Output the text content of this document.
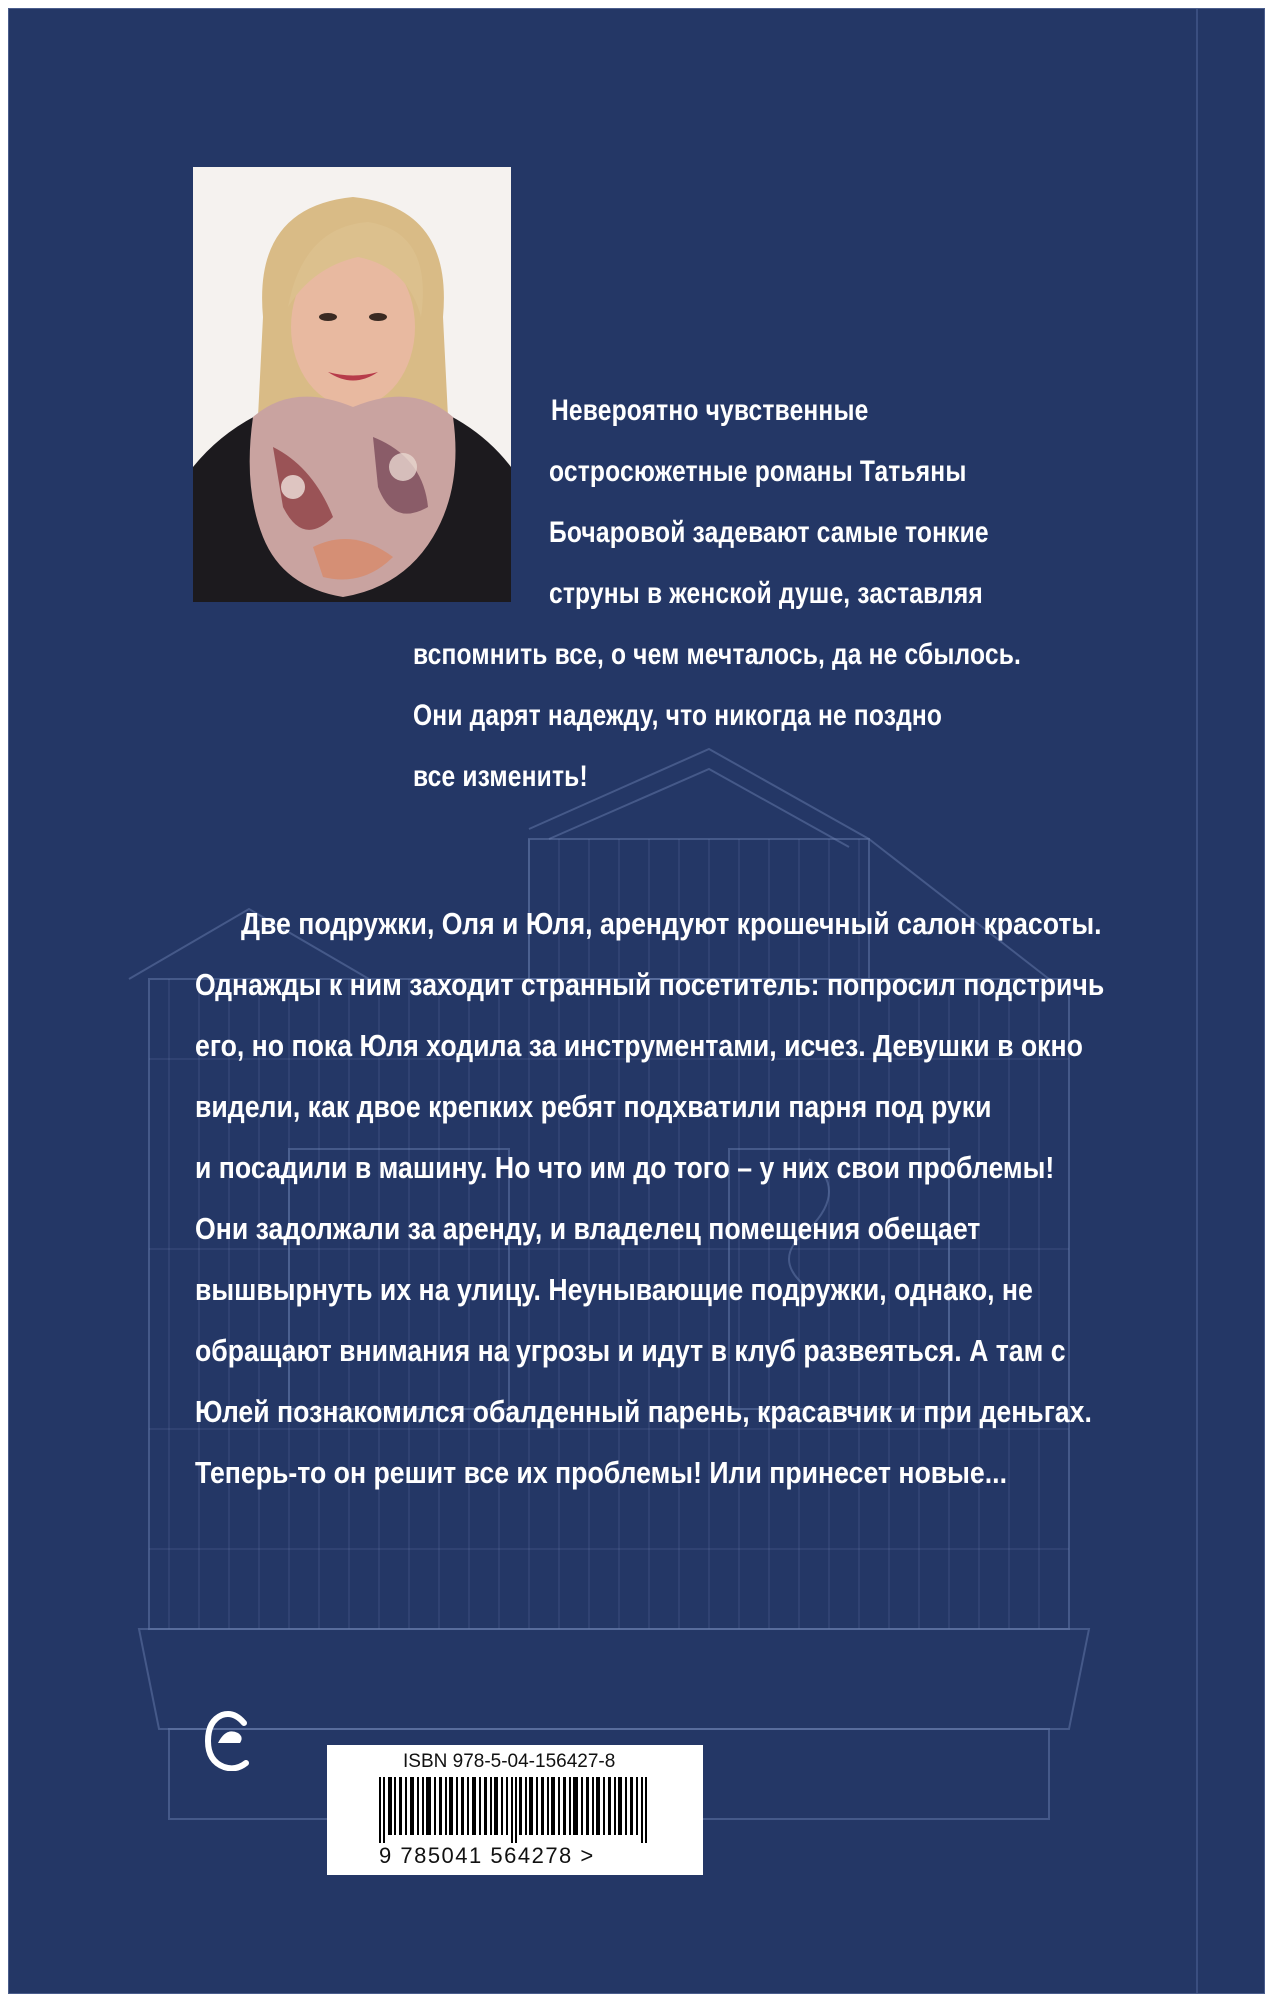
Невероятно чувственные
остросюжетные романы Татьяны
Бочаровой задевают самые тонкие
струны в женской душе, заставляя
вспомнить все, о чем мечталось, да не сбылось.
Они дарят надежду, что никогда не поздно
все изменить!
Две подружки, Оля и Юля, арендуют крошечный салон красоты.
Однажды к ним заходит странный посетитель: попросил подстричь
его, но пока Юля ходила за инструментами, исчез. Девушки в окно
видели, как двое крепких ребят подхватили парня под руки
и посадили в машину. Но что им до того – у них свои проблемы!
Они задолжали за аренду, и владелец помещения обещает
вышвырнуть их на улицу. Неунывающие подружки, однако, не
обращают внимания на угрозы и идут в клуб развеяться. А там с
Юлей познакомился обалденный парень, красавчик и при деньгах.
Теперь-то он решит все их проблемы! Или принесет новые...
ISBN 978-5-04-156427-8
9 785041 564278 >
